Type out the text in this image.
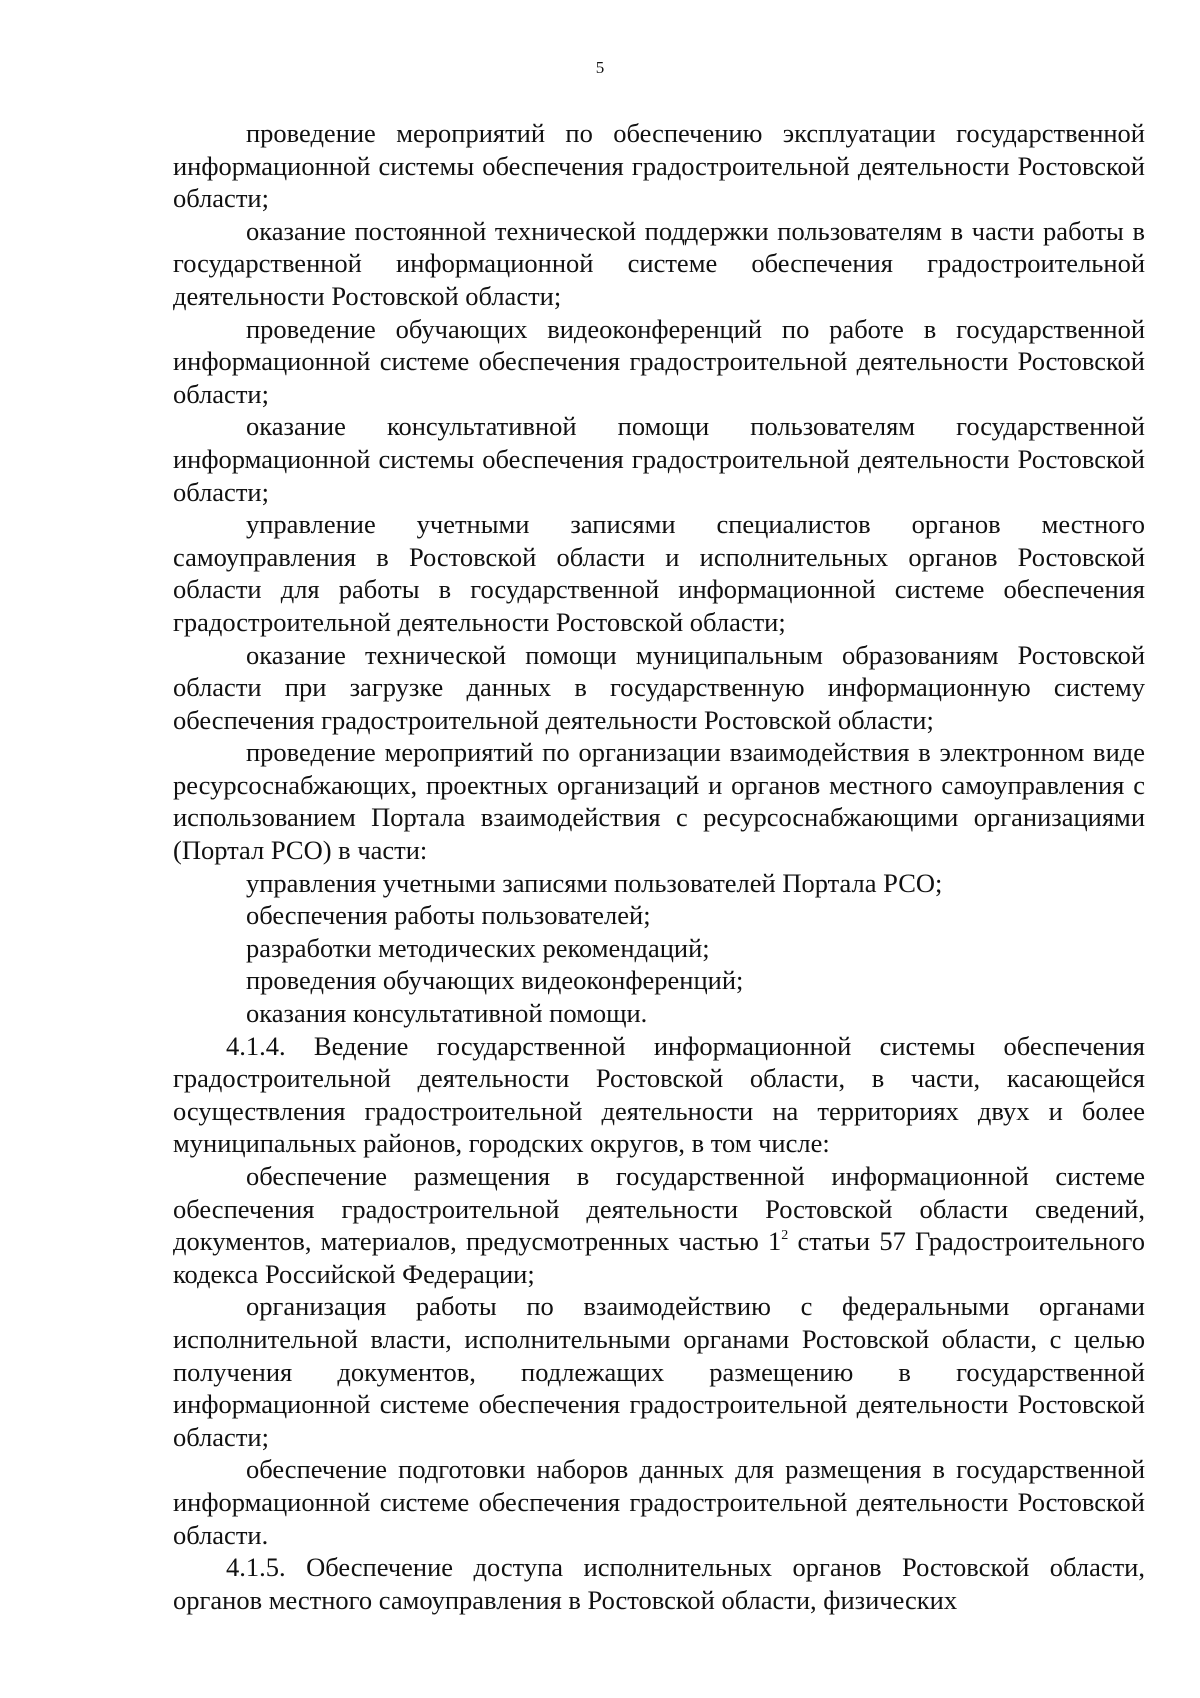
5

проведение мероприятий по обеспечению эксплуатации государственной информационной системы обеспечения градостроительной деятельности Ростовской области;

оказание постоянной технической поддержки пользователям в части работы в государственной информационной системе обеспечения градостроительной деятельности Ростовской области;

проведение обучающих видеоконференций по работе в государственной информационной системе обеспечения градостроительной деятельности Ростовской области;

оказание консультативной помощи пользователям государственной информационной системы обеспечения градостроительной деятельности Ростовской области;

управление учетными записями специалистов органов местного самоуправления в Ростовской области и исполнительных органов Ростовской области для работы в государственной информационной системе обеспечения градостроительной деятельности Ростовской области;

оказание технической помощи муниципальным образованиям Ростовской области при загрузке данных в государственную информационную систему обеспечения градостроительной деятельности Ростовской области;

проведение мероприятий по организации взаимодействия в электронном виде ресурсоснабжающих, проектных организаций и органов местного самоуправления с использованием Портала взаимодействия с ресурсоснабжающими организациями (Портал РСО) в части:

управления учетными записями пользователей Портала РСО;

обеспечения работы пользователей;

разработки методических рекомендаций;

проведения обучающих видеоконференций;

оказания консультативной помощи.

4.1.4. Ведение государственной информационной системы обеспечения градостроительной деятельности Ростовской области, в части, касающейся осуществления градостроительной деятельности на территориях двух и более муниципальных районов, городских округов, в том числе:

обеспечение размещения в государственной информационной системе обеспечения градостроительной деятельности Ростовской области сведений, документов, материалов, предусмотренных частью $1^2$ статьи 57 Градостроительного кодекса Российской Федерации;

организация работы по взаимодействию с федеральными органами исполнительной власти, исполнительными органами Ростовской области, с целью получения документов, подлежащих размещению в государственной информационной системе обеспечения градостроительной деятельности Ростовской области;

обеспечение подготовки наборов данных для размещения в государственной информационной системе обеспечения градостроительной деятельности Ростовской области.

4.1.5. Обеспечение доступа исполнительных органов Ростовской области, органов местного самоуправления в Ростовской области, физических
